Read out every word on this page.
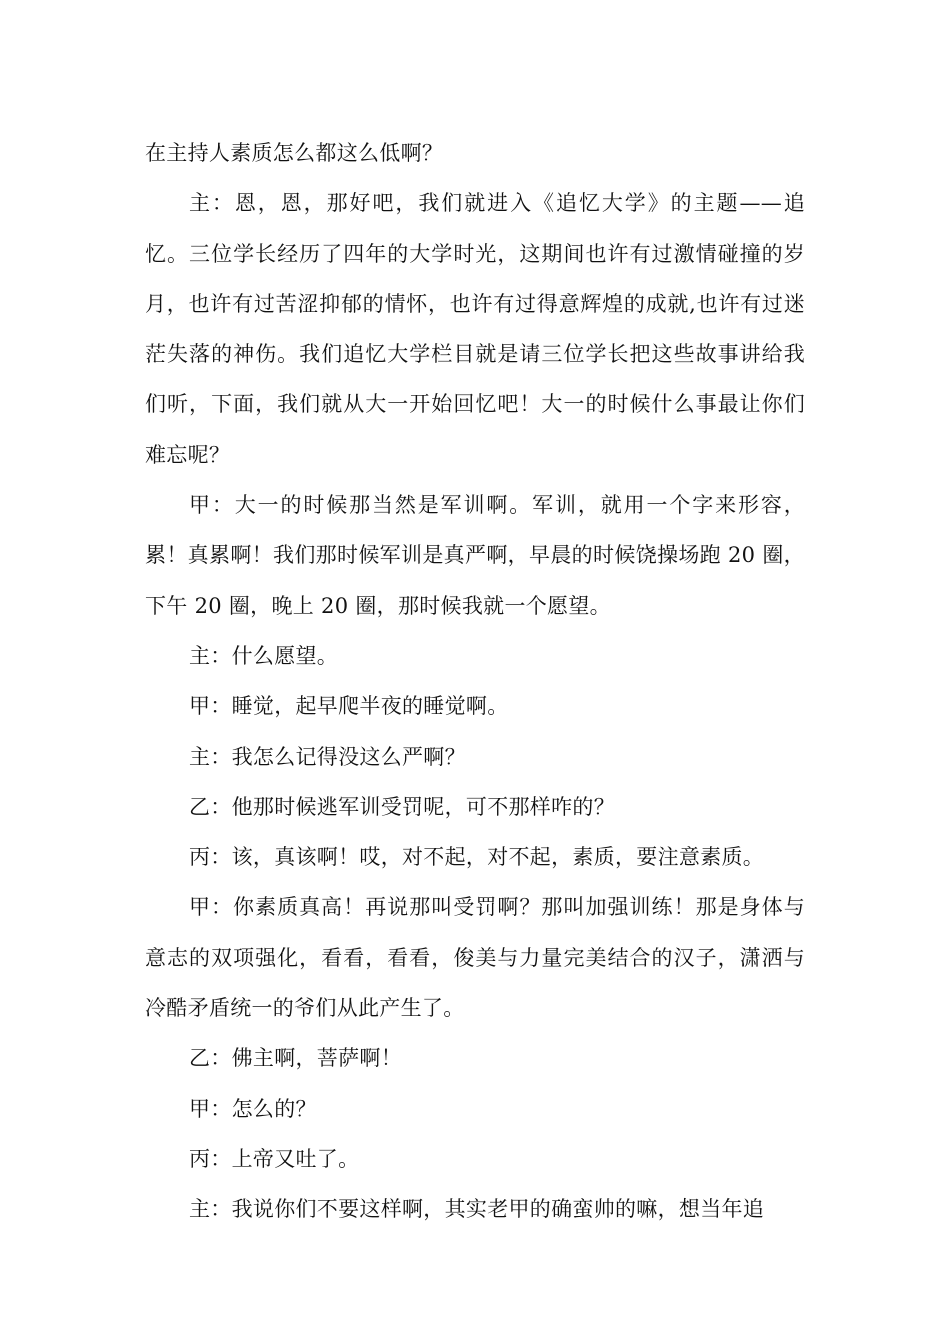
在主持人素质怎么都这么低啊？

主：恩，恩，那好吧，我们就进入《追忆大学》的主题——追忆。三位学长经历了四年的大学时光，这期间也许有过激情碰撞的岁月，也许有过苦涩抑郁的情怀，也许有过得意辉煌的成就,也许有过迷茫失落的神伤。我们追忆大学栏目就是请三位学长把这些故事讲给我们听，下面，我们就从大一开始回忆吧！大一的时候什么事最让你们难忘呢？

甲：大一的时候那当然是军训啊。军训，就用一个字来形容，累！真累啊！我们那时候军训是真严啊，早晨的时候饶操场跑 20 圈，下午 20 圈，晚上 20 圈，那时候我就一个愿望。

主：什么愿望。

甲：睡觉，起早爬半夜的睡觉啊。

主：我怎么记得没这么严啊？

乙：他那时候逃军训受罚呢，可不那样咋的？

丙：该，真该啊！哎，对不起，对不起，素质，要注意素质。

甲：你素质真高！再说那叫受罚啊？那叫加强训练！那是身体与意志的双项强化，看看，看看，俊美与力量完美结合的汉子，潇洒与冷酷矛盾统一的爷们从此产生了。

乙：佛主啊，菩萨啊！

甲：怎么的？

丙：上帝又吐了。

主：我说你们不要这样啊，其实老甲的确蛮帅的嘛，想当年追
